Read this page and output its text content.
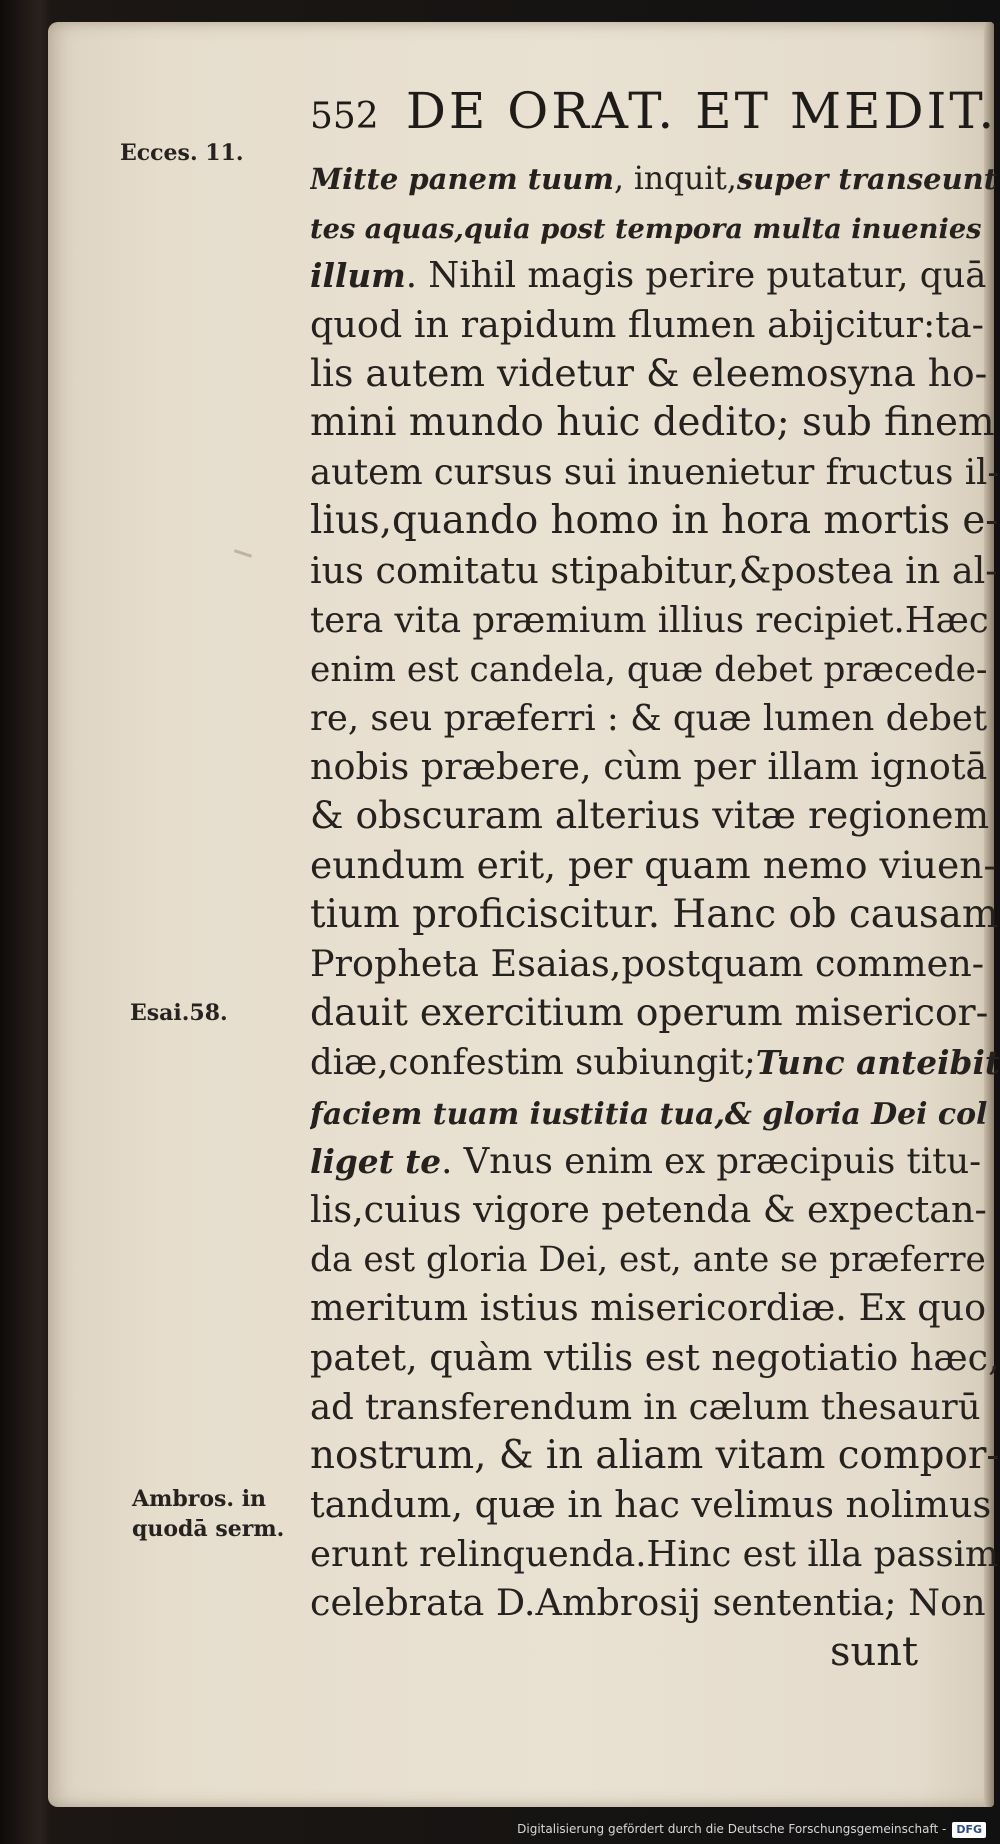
552 DE ORAT. ET MEDIT.
Mitte panem tuum, inquit,super transeunt
tes aquas,quia post tempora multa inuenies
illum. Nihil magis perire putatur, quā
quod in rapidum flumen abijcitur:ta-
lis autem videtur & eleemosyna ho-
mini mundo huic dedito; sub finem
autem cursus sui inuenietur fructus il-
lius,quando homo in hora mortis e-
ius comitatu stipabitur,&postea in al-
tera vita præmium illius recipiet.Hæc
enim est candela, quæ debet præcede-
re, seu præferri : & quæ lumen debet
nobis præbere, cùm per illam ignotā
& obscuram alterius vitæ regionem
eundum erit, per quam nemo viuen-
tium proficiscitur. Hanc ob causam
Propheta Esaias,postquam commen-
dauit exercitium operum misericor-
diæ,confestim subiungit;Tunc anteibit
faciem tuam iustitia tua,& gloria Dei col
liget te. Vnus enim ex præcipuis titu-
lis,cuius vigore petenda & expectan-
da est gloria Dei, est, ante se præferre
meritum istius misericordiæ. Ex quo
patet, quàm vtilis est negotiatio hæc,
ad transferendum in cælum thesaurū
nostrum, & in aliam vitam compor-
tandum, quæ in hac velimus nolimus
erunt relinquenda.Hinc est illa passim
celebrata D.Ambrosij sententia; Non
sunt
Ecces. 11.
Esai.58.
Ambros. in
quodā serm.
Digitalisierung gefördert durch die Deutsche Forschungsgemeinschaft - DFG
